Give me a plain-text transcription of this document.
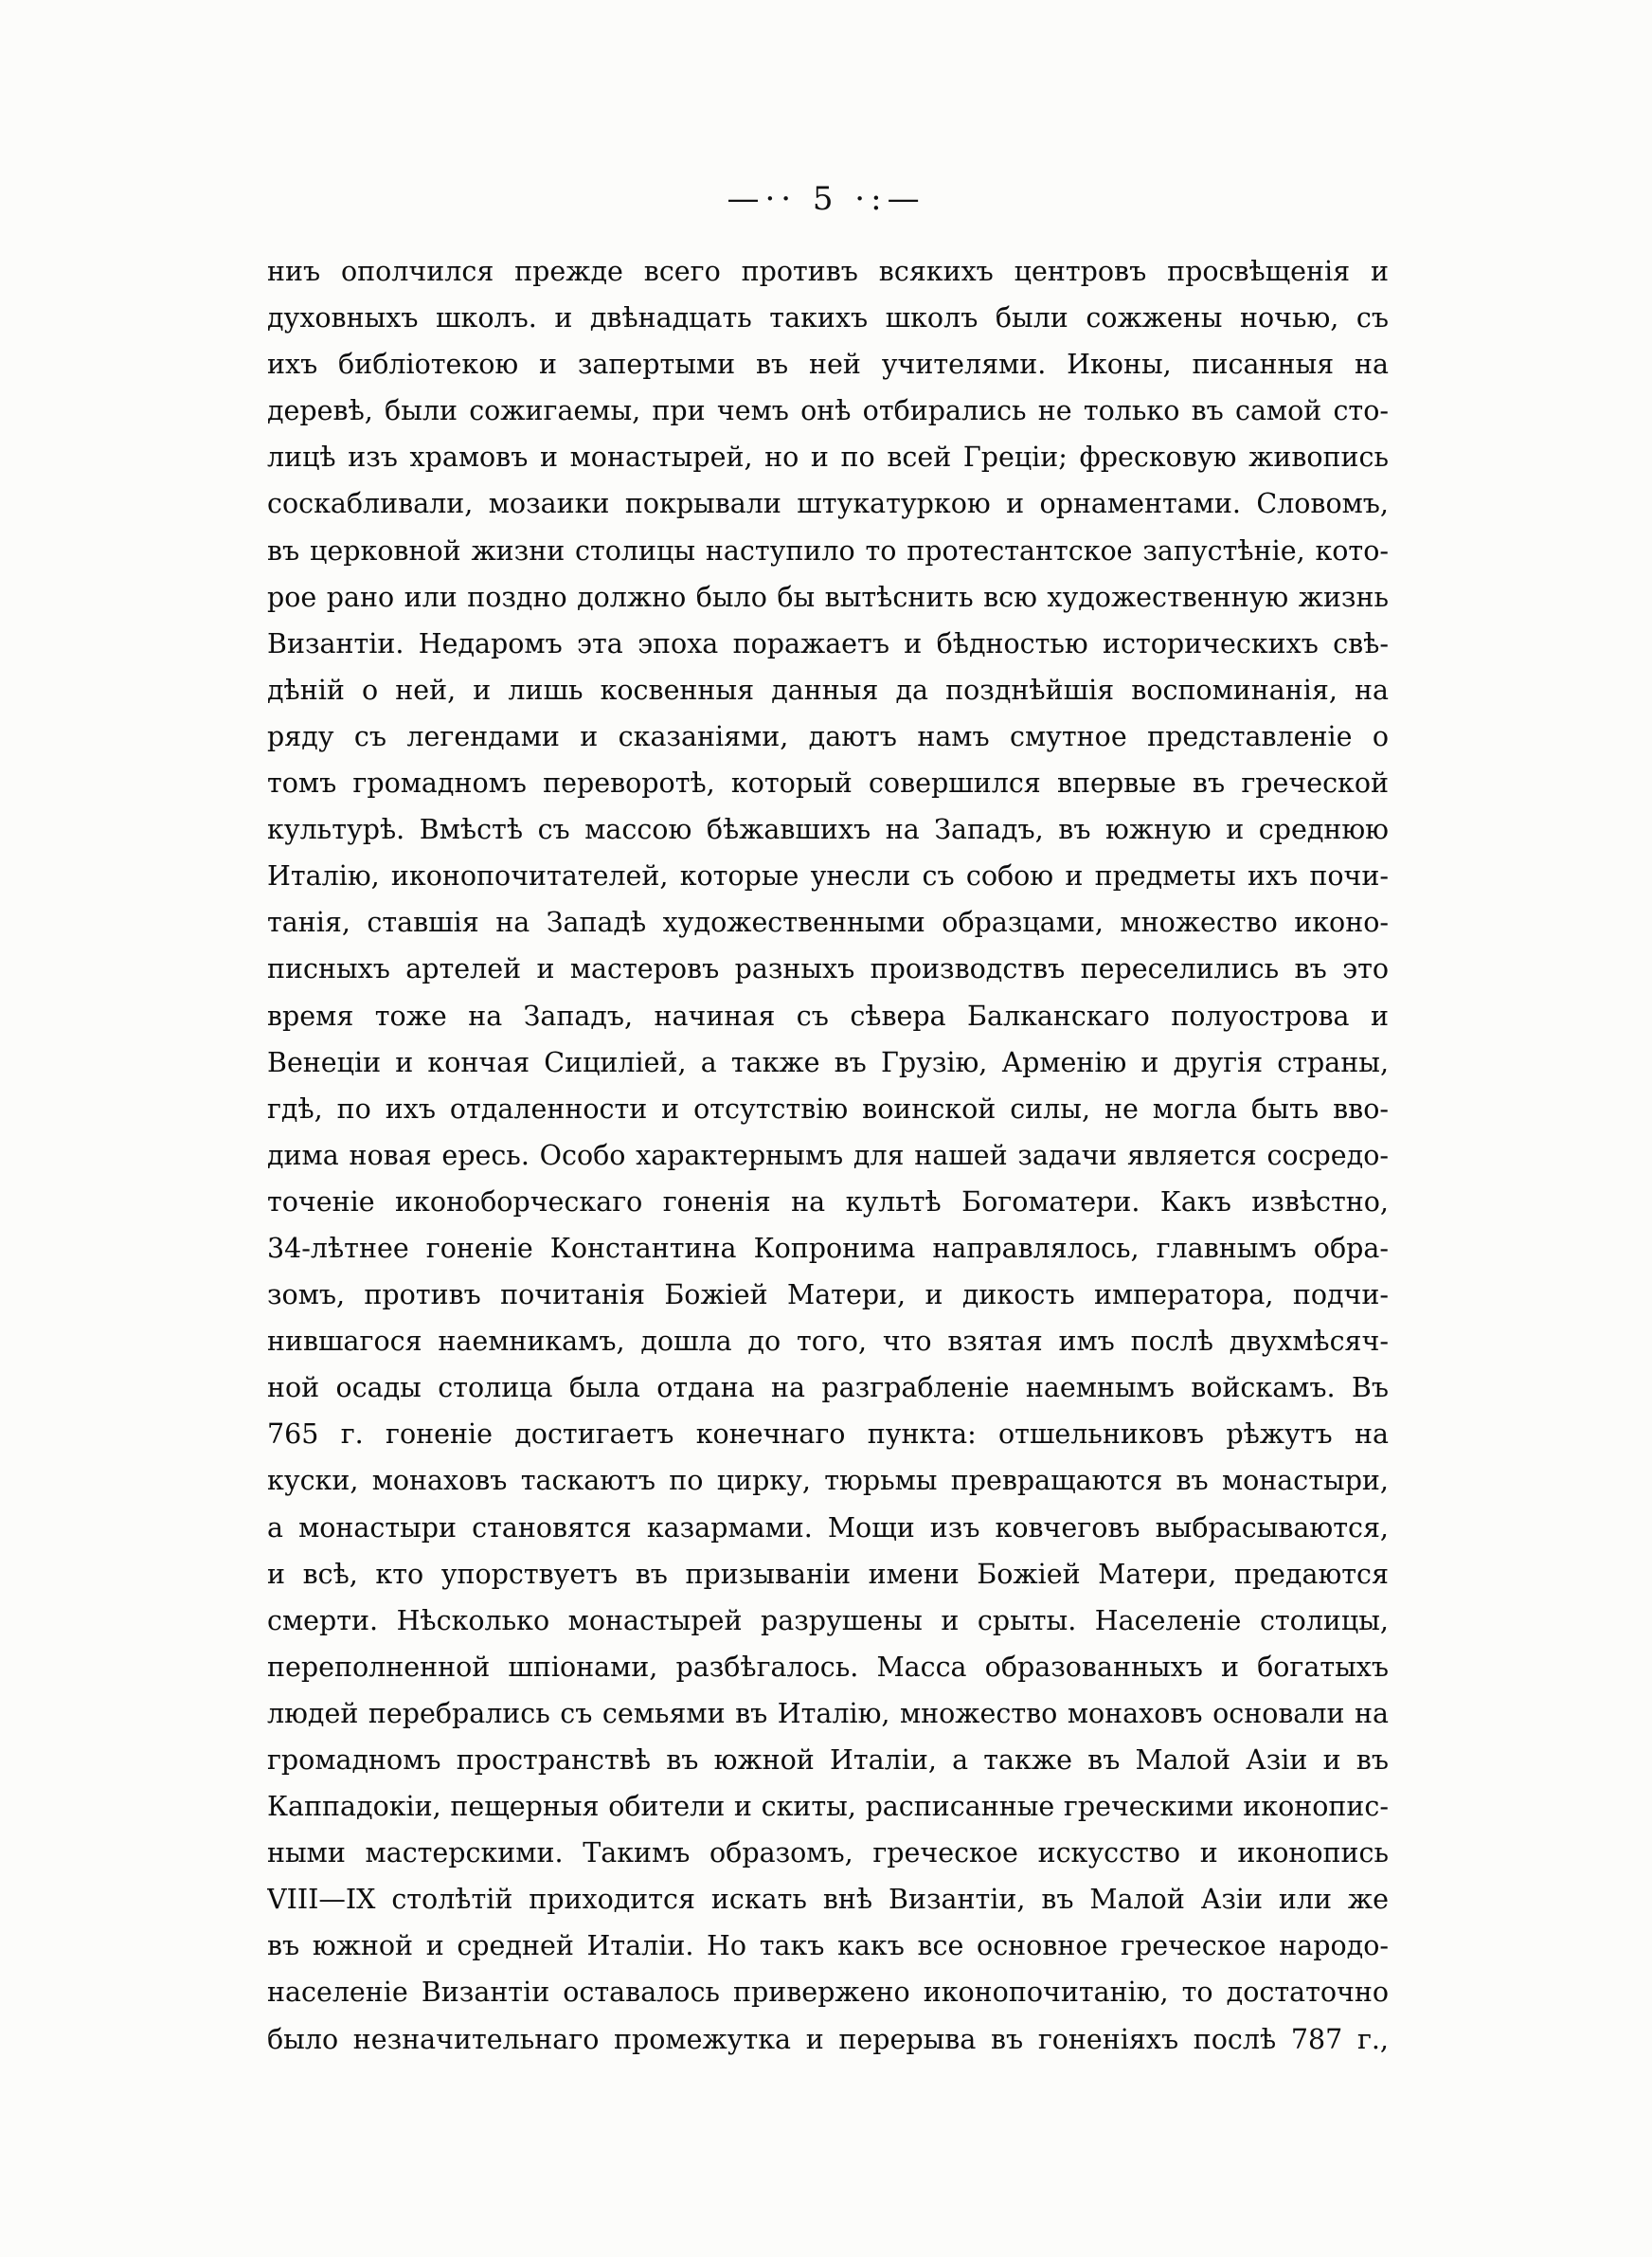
—·· 5 ·:—
ниъ ополчился прежде всего противъ всякихъ центровъ просвѣщенія и
духовныхъ школъ. и двѣнадцать такихъ школъ были сожжены ночью, съ
ихъ библіотекою и запертыми въ ней учителями. Иконы, писанныя на
деревѣ, были сожигаемы, при чемъ онѣ отбирались не только въ самой сто-
лицѣ изъ храмовъ и монастырей, но и по всей Греціи; фресковую живопись
соскабливали, мозаики покрывали штукатуркою и орнаментами. Словомъ,
въ церковной жизни столицы наступило то протестантское запустѣніе, кото-
рое рано или поздно должно было бы вытѣснить всю художественную жизнь
Византіи. Недаромъ эта эпоха поражаетъ и бѣдностью историческихъ свѣ-
дѣній о ней, и лишь косвенныя данныя да позднѣйшія воспоминанія, на
ряду съ легендами и сказаніями, даютъ намъ смутное представленіе о
томъ громадномъ переворотѣ, который совершился впервые въ греческой
культурѣ. Вмѣстѣ съ массою бѣжавшихъ на Западъ, въ южную и среднюю
Италію, иконопочитателей, которые унесли съ собою и предметы ихъ почи-
танія, ставшія на Западѣ художественными образцами, множество иконо-
писныхъ артелей и мастеровъ разныхъ производствъ переселились въ это
время тоже на Западъ, начиная съ сѣвера Балканскаго полуострова и
Венеціи и кончая Сициліей, а также въ Грузію, Арменію и другія страны,
гдѣ, по ихъ отдаленности и отсутствію воинской силы, не могла быть вво-
дима новая ересь. Особо характернымъ для нашей задачи является сосредо-
точеніе иконоборческаго гоненія на культѣ Богоматери. Какъ извѣстно,
34-лѣтнее гоненіе Константина Копронима направлялось, главнымъ обра-
зомъ, противъ почитанія Божіей Матери, и дикость императора, подчи-
нившагося наемникамъ, дошла до того, что взятая имъ послѣ двухмѣсяч-
ной осады столица была отдана на разграбленіе наемнымъ войскамъ. Въ
765 г. гоненіе достигаетъ конечнаго пункта: отшельниковъ рѣжутъ на
куски, монаховъ таскаютъ по цирку, тюрьмы превращаются въ монастыри,
а монастыри становятся казармами. Мощи изъ ковчеговъ выбрасываются,
и всѣ, кто упорствуетъ въ призываніи имени Божіей Матери, предаются
смерти. Нѣсколько монастырей разрушены и срыты. Населеніе столицы,
переполненной шпіонами, разбѣгалось. Масса образованныхъ и богатыхъ
людей перебрались съ семьями въ Италію, множество монаховъ основали на
громадномъ пространствѣ въ южной Италіи, а также въ Малой Азіи и въ
Каппадокіи, пещерныя обители и скиты, расписанные греческими иконопис-
ными мастерскими. Такимъ образомъ, греческое искусство и иконопись
VIII—IX столѣтій приходится искать внѣ Византіи, въ Малой Азіи или же
въ южной и средней Италіи. Но такъ какъ все основное греческое народо-
населеніе Византіи оставалось привержено иконопочитанію, то достаточно
было незначительнаго промежутка и перерыва въ гоненіяхъ послѣ 787 г.,
